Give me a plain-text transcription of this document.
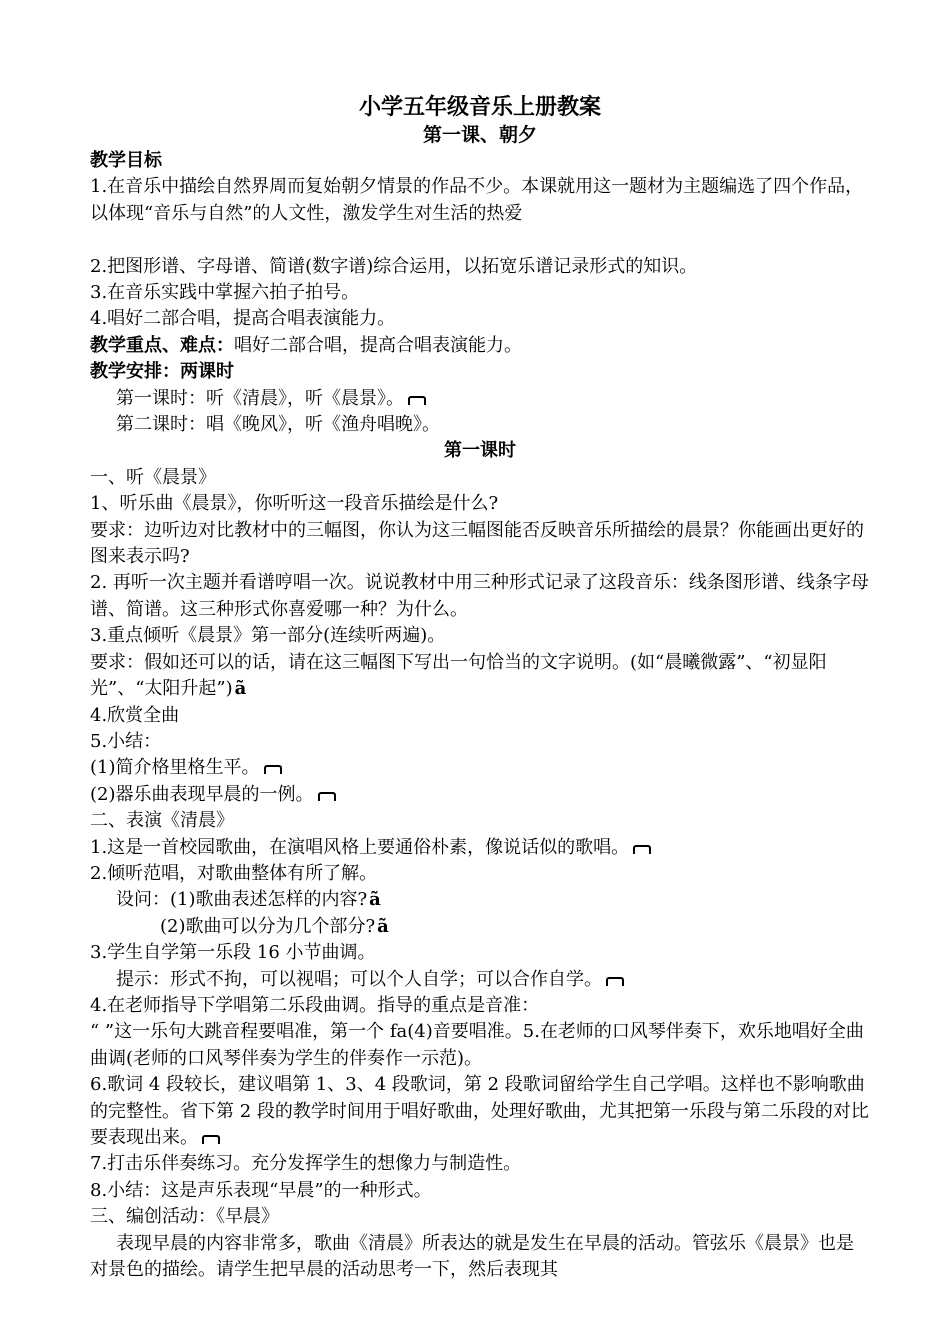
小学五年级音乐上册教案

第一课、朝夕

教学目标

1.在音乐中描绘自然界周而复始朝夕情景的作品不少。本课就用这一题材为主题编选了四个作品，以体现“音乐与自然”的人文性，激发学生对生活的热爱

2.把图形谱、字母谱、简谱(数字谱)综合运用，以拓宽乐谱记录形式的知识。

3.在音乐实践中掌握六拍子拍号。

4.唱好二部合唱，提高合唱表演能力。

教学重点、难点：唱好二部合唱，提高合唱表演能力。

教学安排：两课时

第一课时：听《清晨》，听《晨景》。

第二课时：唱《晚风》，听《渔舟唱晚》。

第一课时

一、听《晨景》

1、听乐曲《晨景》，你听听这一段音乐描绘是什么?

要求：边听边对比教材中的三幅图，你认为这三幅图能否反映音乐所描绘的晨景？你能画出更好的图来表示吗?

2. 再听一次主题并看谱哼唱一次。说说教材中用三种形式记录了这段音乐：线条图形谱、线条字母谱、简谱。这三种形式你喜爱哪一种？为什么。

3.重点倾听《晨景》第一部分(连续听两遍)。

要求：假如还可以的话，请在这三幅图下写出一句恰当的文字说明。(如“晨曦微露”、“初显阳光”、“太阳升起”) ã

4.欣赏全曲

5.小结：

(1)简介格里格生平。

(2)器乐曲表现早晨的一例。

二、表演《清晨》

1.这是一首校园歌曲，在演唱风格上要通俗朴素，像说话似的歌唱。

2.倾听范唱，对歌曲整体有所了解。

设问：(1)歌曲表述怎样的内容? ã

(2)歌曲可以分为几个部分? ã

3.学生自学第一乐段 16 小节曲调。

提示：形式不拘，可以视唱；可以个人自学；可以合作自学。

4.在老师指导下学唱第二乐段曲调。指导的重点是音准：

“ ”这一乐句大跳音程要唱准，第一个 fa(4)音要唱准。5.在老师的口风琴伴奏下，欢乐地唱好全曲曲调(老师的口风琴伴奏为学生的伴奏作一示范)。

6.歌词 4 段较长，建议唱第 1、3、4 段歌词，第 2 段歌词留给学生自己学唱。这样也不影响歌曲的完整性。省下第 2 段的教学时间用于唱好歌曲，处理好歌曲，尤其把第一乐段与第二乐段的对比要表现出来。

7.打击乐伴奏练习。充分发挥学生的想像力与制造性。

8.小结：这是声乐表现“早晨”的一种形式。

三、编创活动：《早晨》

表现早晨的内容非常多，歌曲《清晨》所表达的就是发生在早晨的活动。管弦乐《晨景》也是对景色的描绘。请学生把早晨的活动思考一下，然后表现其
